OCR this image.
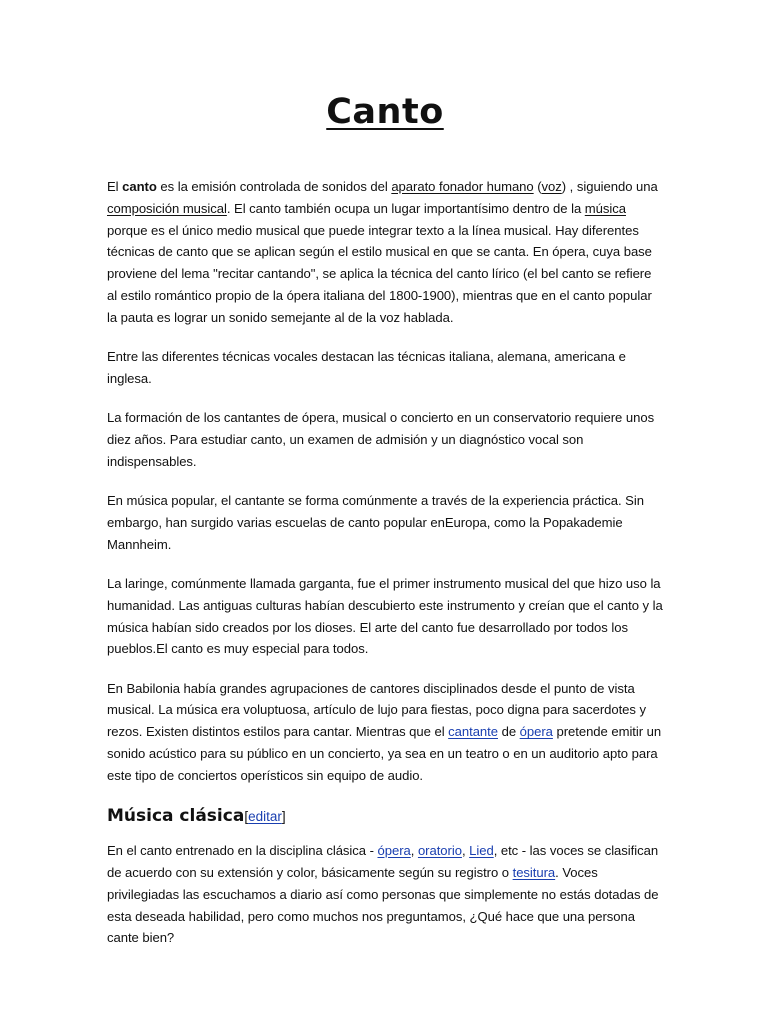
Canto

El canto es la emisión controlada de sonidos del aparato fonador humano (voz) , siguiendo una composición musical. El canto también ocupa un lugar importantísimo dentro de la música porque es el único medio musical que puede integrar texto a la línea musical. Hay diferentes técnicas de canto que se aplican según el estilo musical en que se canta. En ópera, cuya base proviene del lema "recitar cantando", se aplica la técnica del canto lírico (el bel canto se refiere al estilo romántico propio de la ópera italiana del 1800-1900), mientras que en el canto popular la pauta es lograr un sonido semejante al de la voz hablada.

Entre las diferentes técnicas vocales destacan las técnicas italiana, alemana, americana e inglesa.

La formación de los cantantes de ópera, musical o concierto en un conservatorio requiere unos diez años. Para estudiar canto, un examen de admisión y un diagnóstico vocal son indispensables.

En música popular, el cantante se forma comúnmente a través de la experiencia práctica. Sin embargo, han surgido varias escuelas de canto popular enEuropa, como la Popakademie Mannheim.

La laringe, comúnmente llamada garganta, fue el primer instrumento musical del que hizo uso la humanidad. Las antiguas culturas habían descubierto este instrumento y creían que el canto y la música habían sido creados por los dioses. El arte del canto fue desarrollado por todos los pueblos.El canto es muy especial para todos.

En Babilonia había grandes agrupaciones de cantores disciplinados desde el punto de vista musical. La música era voluptuosa, artículo de lujo para fiestas, poco digna para sacerdotes y rezos. Existen distintos estilos para cantar. Mientras que el cantante de ópera pretende emitir un sonido acústico para su público en un concierto, ya sea en un teatro o en un auditorio apto para este tipo de conciertos operísticos sin equipo de audio.

Música clásica[editar]

En el canto entrenado en la disciplina clásica - ópera, oratorio, Lied, etc - las voces se clasifican de acuerdo con su extensión y color, básicamente según su registro o tesitura. Voces privilegiadas las escuchamos a diario así como personas que simplemente no estás dotadas de esta deseada habilidad, pero como muchos nos preguntamos, ¿Qué hace que una persona cante bien?
